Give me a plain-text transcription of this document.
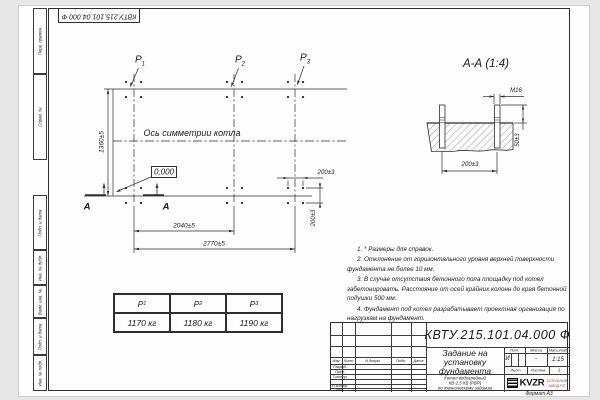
Перв. примен.
Справ. №
Подп. и дата
Инв. № дубл.
Взам. инв. №
Подп. и дата
Инв. № подл.
КВТУ.215.101.04.000 Ф
$Р_1$	$Р_2$
$Р_3$
Ось симметрии котла
0,000
А	А
1360±5
2040±5
2770±5
200±3
200±3
А-А (1:4)
М16
50±3
200±3

1. * Размеры для справок.

2. Отклонение от горизонтального уровня верхней поверхности фундамента не более 10 мм.

3. В случае отсутствия бетонного пола площадку под котел забетонировать. Расстояние от осей крайних колонн до края бетонной подушки 500 мм.

4. Фундамент под котел разрабатывает проектная организация по нагрузкам на фундамент.

Р 1	Р 2	Р 3
1170 кг	1180 кг	1190 кг
КВТУ.215.101.04.000 Ф
Изм. Лист	N докум.	Подп. Дата
Разраб.
Пров.
Т.контр.
Н.контр.
Утв.
Задание на
установку
фундамента
Котел водогрейный
КВ-2,5 КБ (РВР)
по техническому заданию
Лит.	Масса Масштаб
И	-	1:15
Лист	Листов	1
KVZR КОТЕЛЬНЫЙ
ЗАВОД РЭТ
Формат А3
